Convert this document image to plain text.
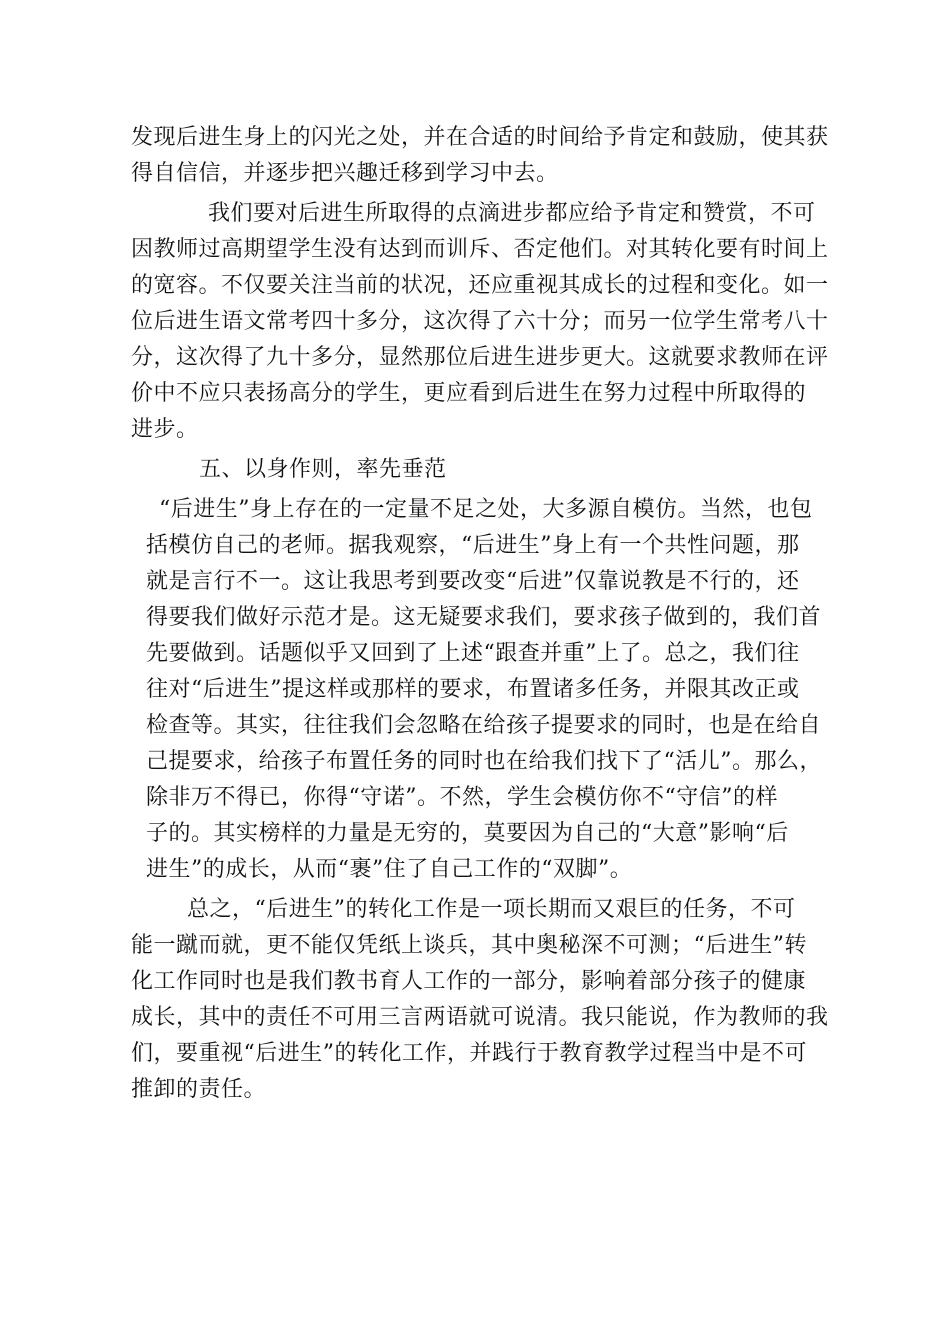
发现后进生身上的闪光之处，并在合适的时间给予肯定和鼓励，使其获
得自信信，并逐步把兴趣迁移到学习中去。
我们要对后进生所取得的点滴进步都应给予肯定和赞赏，不可
因教师过高期望学生没有达到而训斥、否定他们。对其转化要有时间上
的宽容。不仅要关注当前的状况，还应重视其成长的过程和变化。如一
位后进生语文常考四十多分，这次得了六十分；而另一位学生常考八十
分，这次得了九十多分，显然那位后进生进步更大。这就要求教师在评
价中不应只表扬高分的学生，更应看到后进生在努力过程中所取得的
进步。
五、以身作则，率先垂范
“后进生”身上存在的一定量不足之处，大多源自模仿。当然，也包
括模仿自己的老师。据我观察，“后进生”身上有一个共性问题，那
就是言行不一。这让我思考到要改变“后进”仅靠说教是不行的，还
得要我们做好示范才是。这无疑要求我们，要求孩子做到的，我们首
先要做到。话题似乎又回到了上述“跟查并重”上了。总之，我们往
往对“后进生”提这样或那样的要求，布置诸多任务，并限其改正或
检查等。其实，往往我们会忽略在给孩子提要求的同时，也是在给自
己提要求，给孩子布置任务的同时也在给我们找下了“活儿”。那么，
除非万不得已，你得“守诺”。不然，学生会模仿你不“守信”的样
子的。其实榜样的力量是无穷的，莫要因为自己的“大意”影响“后
进生”的成长，从而“裹”住了自己工作的“双脚”。
总之，“后进生”的转化工作是一项长期而又艰巨的任务，不可
能一蹴而就，更不能仅凭纸上谈兵，其中奥秘深不可测；“后进生”转
化工作同时也是我们教书育人工作的一部分，影响着部分孩子的健康
成长，其中的责任不可用三言两语就可说清。我只能说，作为教师的我
们，要重视“后进生”的转化工作，并践行于教育教学过程当中是不可
推卸的责任。
